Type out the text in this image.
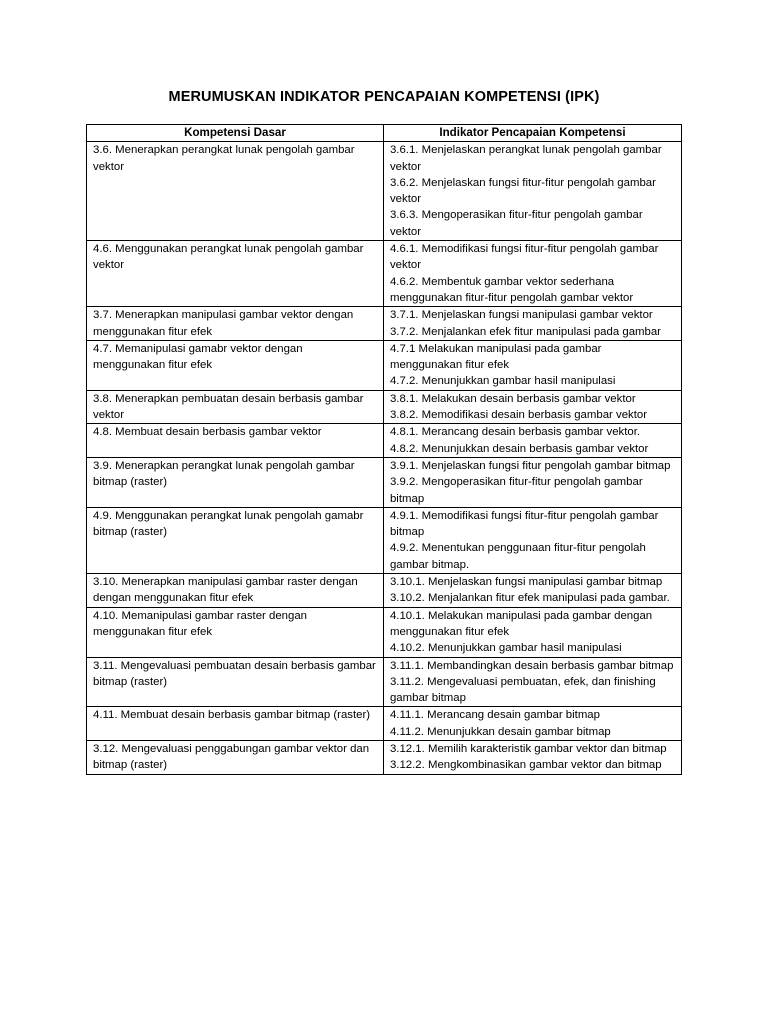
MERUMUSKAN INDIKATOR PENCAPAIAN KOMPETENSI (IPK)
Kompetensi Dasar	Indikator Pencapaian Kompetensi
3.6. Menerapkan perangkat lunak pengolah gambar vektor	3.6.1. Menjelaskan perangkat lunak pengolah gambar vektor
3.6.2. Menjelaskan fungsi fitur-fitur pengolah gambar vektor
3.6.3. Mengoperasikan fitur-fitur pengolah gambar vektor

4.6. Menggunakan perangkat lunak pengolah gambar vektor	4.6.1. Memodifikasi fungsi fitur-fitur pengolah gambar vektor
4.6.2. Membentuk gambar vektor sederhana menggunakan fitur-fitur pengolah gambar vektor

3.7. Menerapkan manipulasi gambar vektor dengan menggunakan fitur efek	3.7.1. Menjelaskan fungsi manipulasi gambar vektor
3.7.2. Menjalankan efek fitur manipulasi pada gambar

4.7. Memanipulasi gamabr vektor dengan menggunakan fitur efek	4.7.1 Melakukan manipulasi pada gambar menggunakan fitur efek
4.7.2. Menunjukkan gambar hasil manipulasi

3.8. Menerapkan pembuatan desain berbasis gambar vektor	3.8.1. Melakukan desain berbasis gambar vektor
3.8.2. Memodifikasi desain berbasis gambar vektor

4.8. Membuat desain berbasis gambar vektor	4.8.1. Merancang desain berbasis gambar vektor.
4.8.2. Menunjukkan desain berbasis gambar vektor

3.9. Menerapkan perangkat lunak pengolah gambar bitmap (raster)	3.9.1. Menjelaskan fungsi fitur pengolah gambar bitmap
3.9.2. Mengoperasikan fitur-fitur pengolah gambar bitmap

4.9. Menggunakan perangkat lunak pengolah gamabr bitmap (raster)	4.9.1. Memodifikasi fungsi fitur-fitur pengolah gambar bitmap
4.9.2. Menentukan penggunaan fitur-fitur pengolah gambar bitmap.

3.10. Menerapkan manipulasi gambar raster dengan dengan menggunakan fitur efek	3.10.1. Menjelaskan fungsi manipulasi gambar bitmap
3.10.2. Menjalankan fitur efek manipulasi pada gambar.

4.10. Memanipulasi gambar raster dengan menggunakan fitur efek	4.10.1. Melakukan manipulasi pada gambar dengan menggunakan fitur efek
4.10.2. Menunjukkan gambar hasil manipulasi

3.11. Mengevaluasi pembuatan desain berbasis gambar bitmap (raster)	3.11.1. Membandingkan desain berbasis gambar bitmap
3.11.2. Mengevaluasi pembuatan, efek, dan finishing gambar bitmap

4.11. Membuat desain berbasis gambar bitmap (raster)	4.11.1. Merancang desain gambar bitmap
4.11.2. Menunjukkan desain gambar bitmap

3.12. Mengevaluasi penggabungan gambar vektor dan bitmap (raster)	3.12.1. Memilih karakteristik gambar vektor dan bitmap
3.12.2. Mengkombinasikan gambar vektor dan bitmap
